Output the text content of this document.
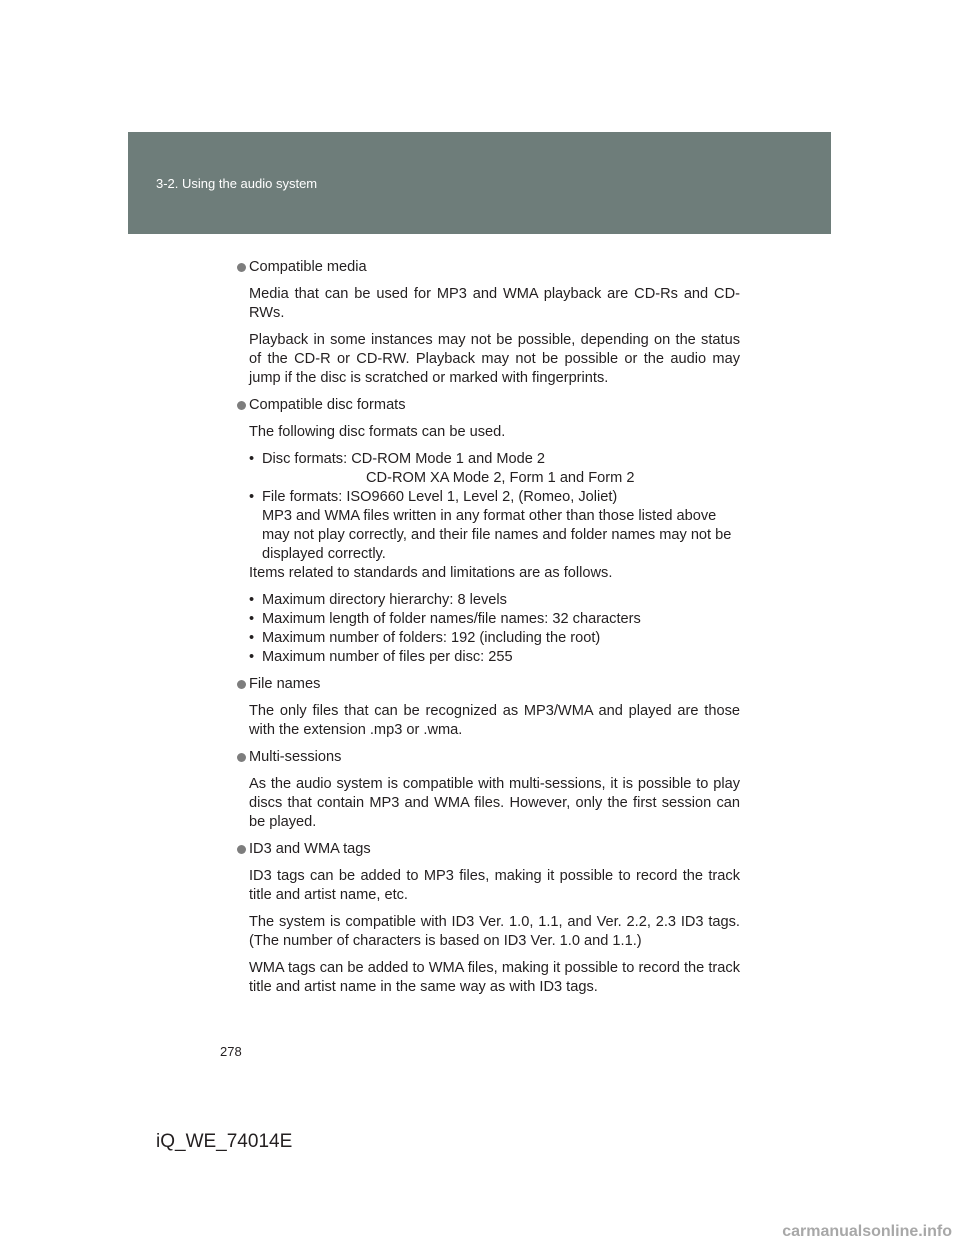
3-2. Using the audio system
Compatible media

Media that can be used for MP3 and WMA playback are CD-Rs and CD-RWs.

Playback in some instances may not be possible, depending on the status of the CD-R or CD-RW. Playback may not be possible or the audio may jump if the disc is scratched or marked with fingerprints.

Compatible disc formats

The following disc formats can be used.

• Disc formats: CD-ROM Mode 1 and Mode 2
CD-ROM XA Mode 2, Form 1 and Form 2
• File formats: ISO9660 Level 1, Level 2, (Romeo, Joliet)
MP3 and WMA files written in any format other than those listed above may not play correctly, and their file names and folder names may not be displayed correctly.

Items related to standards and limitations are as follows.

• Maximum directory hierarchy: 8 levels
• Maximum length of folder names/file names: 32 characters
• Maximum number of folders: 192 (including the root)
• Maximum number of files per disc: 255
File names

The only files that can be recognized as MP3/WMA and played are those with the extension .mp3 or .wma.

Multi-sessions

As the audio system is compatible with multi-sessions, it is possible to play discs that contain MP3 and WMA files. However, only the first session can be played.

ID3 and WMA tags

ID3 tags can be added to MP3 files, making it possible to record the track title and artist name, etc.

The system is compatible with ID3 Ver. 1.0, 1.1, and Ver. 2.2, 2.3 ID3 tags. (The number of characters is based on ID3 Ver. 1.0 and 1.1.)

WMA tags can be added to WMA files, making it possible to record the track title and artist name in the same way as with ID3 tags.

278
iQ_WE_74014E
carmanualsonline.info
